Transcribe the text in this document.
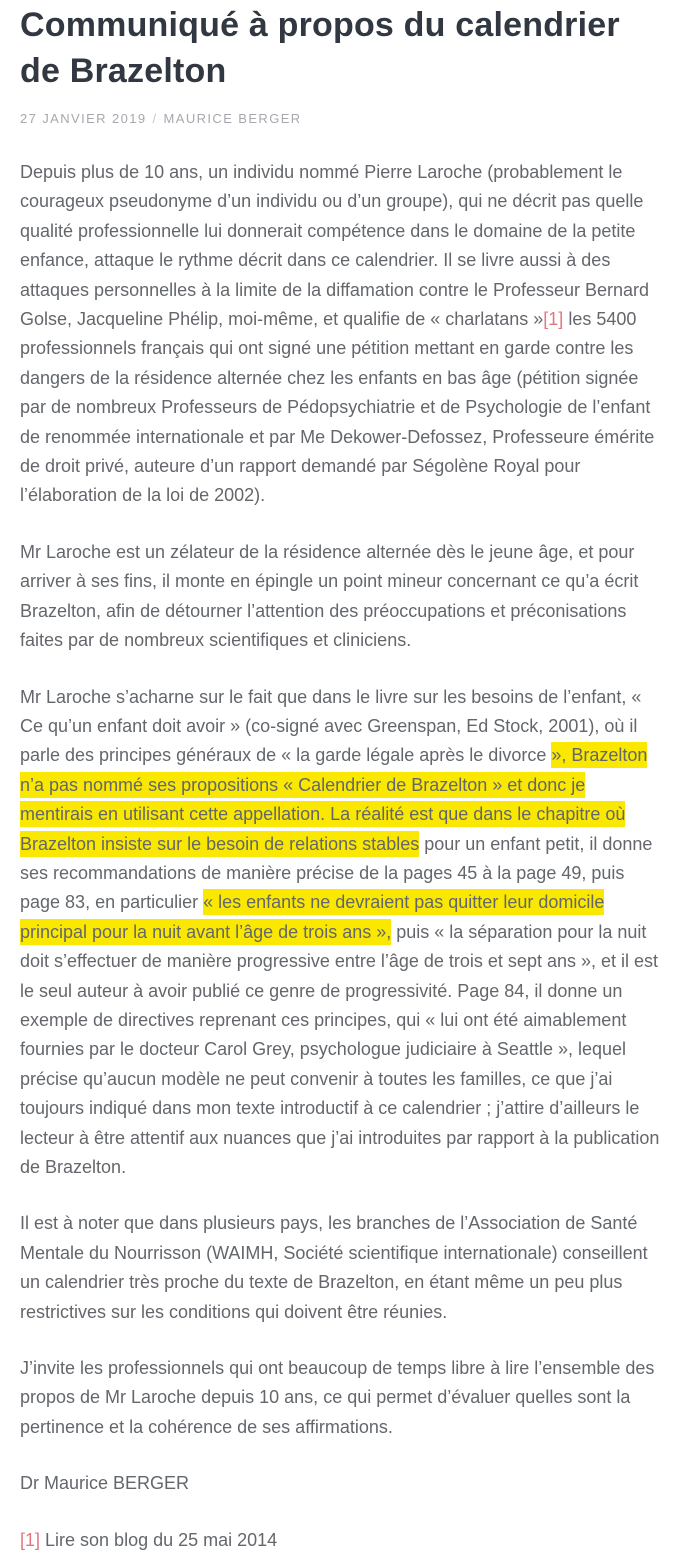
Communiqué à propos du calendrier de Brazelton
27 JANVIER 2019 / MAURICE BERGER

Depuis plus de 10 ans, un individu nommé Pierre Laroche (probablement le courageux pseudonyme d’un individu ou d’un groupe), qui ne décrit pas quelle qualité professionnelle lui donnerait compétence dans le domaine de la petite enfance, attaque le rythme décrit dans ce calendrier. Il se livre aussi à des attaques personnelles à la limite de la diffamation contre le Professeur Bernard Golse, Jacqueline Phélip, moi-même, et qualifie de « charlatans »[1] les 5400 professionnels français qui ont signé une pétition mettant en garde contre les dangers de la résidence alternée chez les enfants en bas âge (pétition signée par de nombreux Professeurs de Pédopsychiatrie et de Psychologie de l’enfant de renommée internationale et par Me Dekower-Defossez, Professeure émérite de droit privé, auteure d’un rapport demandé par Ségolène Royal pour l’élaboration de la loi de 2002).

Mr Laroche est un zélateur de la résidence alternée dès le jeune âge, et pour arriver à ses fins, il monte en épingle un point mineur concernant ce qu’a écrit Brazelton, afin de détourner l’attention des préoccupations et préconisations faites par de nombreux scientifiques et cliniciens.

Mr Laroche s’acharne sur le fait que dans le livre sur les besoins de l’enfant, « Ce qu’un enfant doit avoir » (co-signé avec Greenspan, Ed Stock, 2001), où il parle des principes généraux de « la garde légale après le divorce », Brazelton n’a pas nommé ses propositions « Calendrier de Brazelton » et donc je mentirais en utilisant cette appellation. La réalité est que dans le chapitre où Brazelton insiste sur le besoin de relations stables pour un enfant petit, il donne ses recommandations de manière précise de la pages 45 à la page 49, puis page 83, en particulier « les enfants ne devraient pas quitter leur domicile principal pour la nuit avant l’âge de trois ans », puis « la séparation pour la nuit doit s’effectuer de manière progressive entre l’âge de trois et sept ans », et il est le seul auteur à avoir publié ce genre de progressivité. Page 84, il donne un exemple de directives reprenant ces principes, qui « lui ont été aimablement fournies par le docteur Carol Grey, psychologue judiciaire à Seattle », lequel précise qu’aucun modèle ne peut convenir à toutes les familles, ce que j’ai toujours indiqué dans mon texte introductif à ce calendrier ; j’attire d’ailleurs le lecteur à être attentif aux nuances que j’ai introduites par rapport à la publication de Brazelton.

Il est à noter que dans plusieurs pays, les branches de l’Association de Santé Mentale du Nourrisson (WAIMH, Société scientifique internationale) conseillent un calendrier très proche du texte de Brazelton, en étant même un peu plus restrictives sur les conditions qui doivent être réunies.

J’invite les professionnels qui ont beaucoup de temps libre à lire l’ensemble des propos de Mr Laroche depuis 10 ans, ce qui permet d’évaluer quelles sont la pertinence et la cohérence de ses affirmations.

Dr Maurice BERGER

[1] Lire son blog du 25 mai 2014
